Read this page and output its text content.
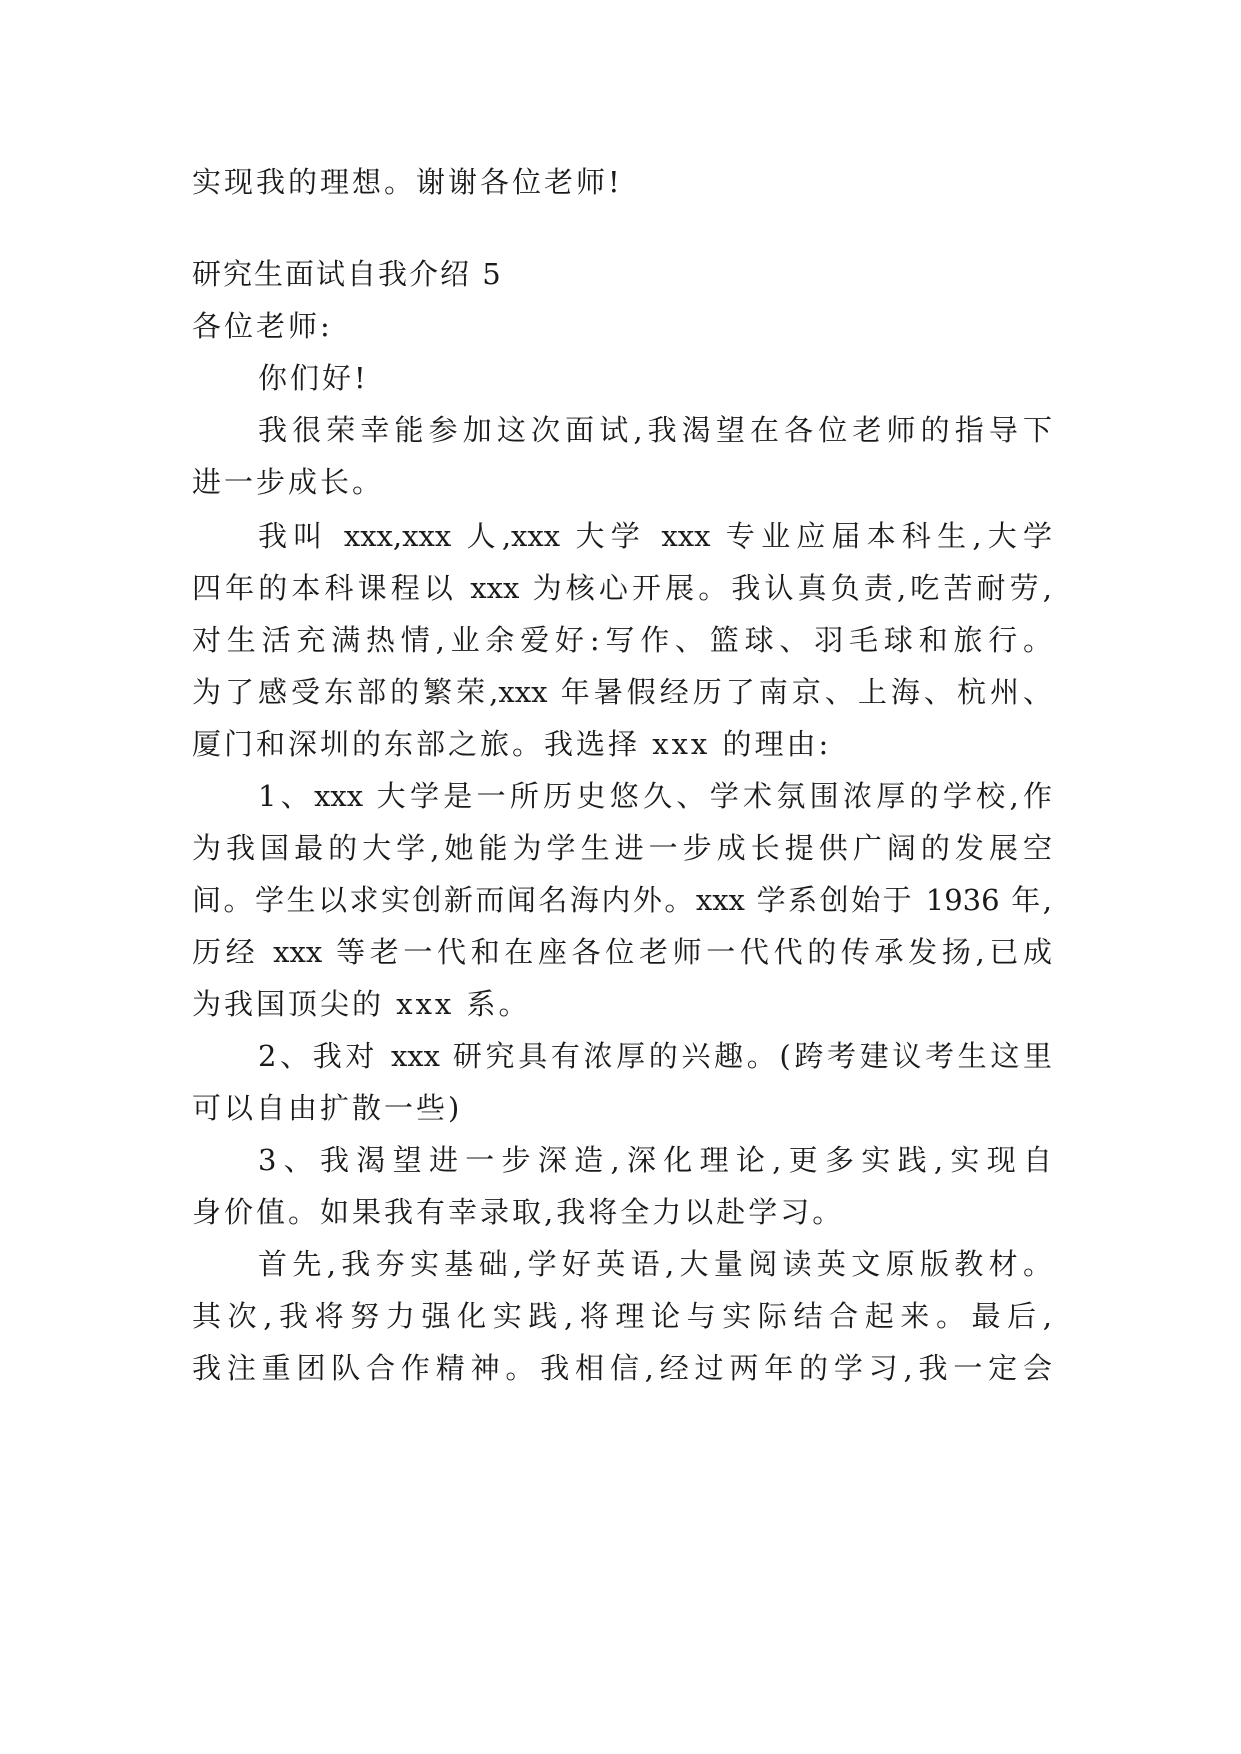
实现我的理想。谢谢各位老师!

研究生面试自我介绍 5

各位老师:

你们好!

我很荣幸能参加这次面试,我渴望在各位老师的指导下

进一步成长。

我叫 xxx,xxx 人,xxx 大学 xxx 专业应届本科生,大学

四年的本科课程以 xxx 为核心开展。我认真负责,吃苦耐劳,

对生活充满热情,业余爱好:写作、篮球、羽毛球和旅行。

为了感受东部的繁荣,xxx 年暑假经历了南京、上海、杭州、

厦门和深圳的东部之旅。我选择 xxx 的理由:

1、xxx 大学是一所历史悠久、学术氛围浓厚的学校,作

为我国最的大学,她能为学生进一步成长提供广阔的发展空

间。学生以求实创新而闻名海内外。xxx 学系创始于 1936 年,

历经 xxx 等老一代和在座各位老师一代代的传承发扬,已成

为我国顶尖的 xxx 系。

2、我对 xxx 研究具有浓厚的兴趣。(跨考建议考生这里

可以自由扩散一些)

3、我渴望进一步深造,深化理论,更多实践,实现自

身价值。如果我有幸录取,我将全力以赴学习。

首先,我夯实基础,学好英语,大量阅读英文原版教材。

其次,我将努力强化实践,将理论与实际结合起来。最后,

我注重团队合作精神。我相信,经过两年的学习,我一定会
